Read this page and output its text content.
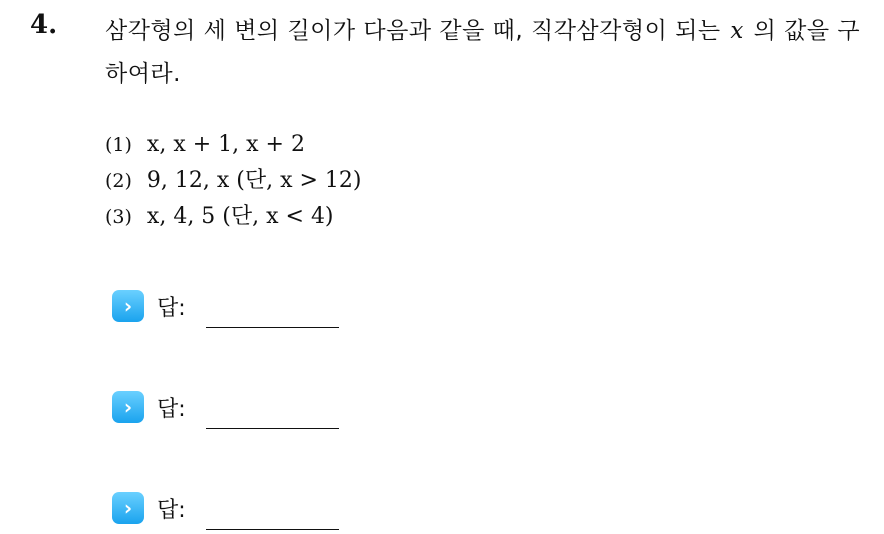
4. 삼각형의 세 변의 길이가 다음과 같을 때, 직각삼각형이 되는 x 의 값을 구하여라.
(1) x, x + 1, x + 2
(2) 9, 12, x (단, x > 12)
(3) x, 4, 5 (단, x < 4)
›	답:
›	답:
›	답:
